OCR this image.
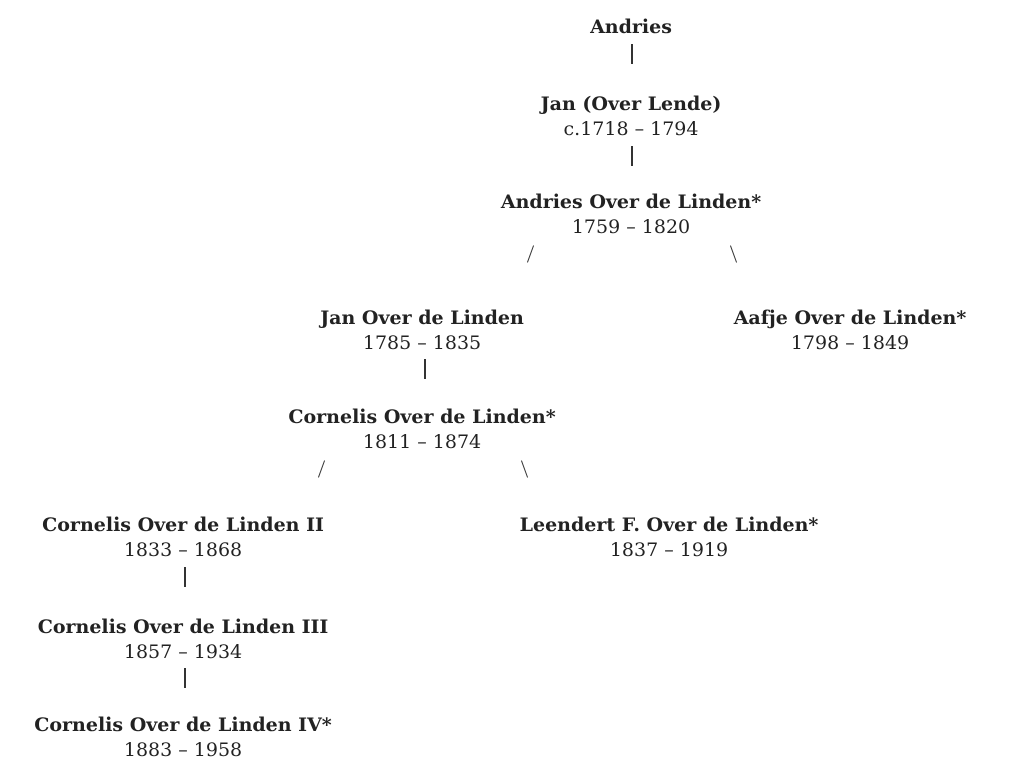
Andries
Jan (Over Lende)
c.1718 – 1794
Andries Over de Linden*
1759 – 1820
Jan Over de Linden
1785 – 1835
Aafje Over de Linden*
1798 – 1849
Cornelis Over de Linden*
1811 – 1874
Cornelis Over de Linden II
1833 – 1868
Leendert F. Over de Linden*
1837 – 1919
Cornelis Over de Linden III
1857 – 1934
Cornelis Over de Linden IV*
1883 – 1958
